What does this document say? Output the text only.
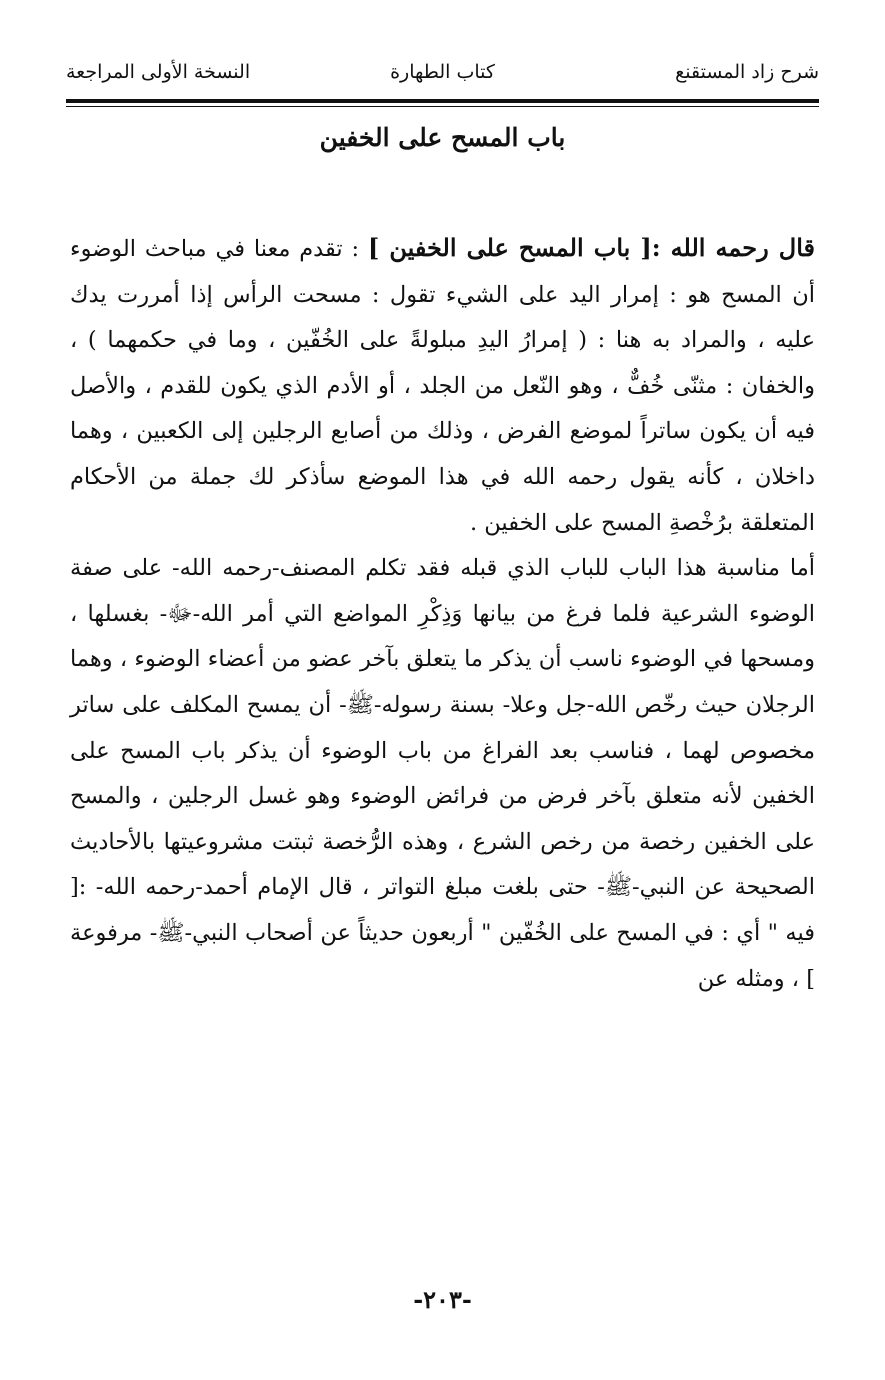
شرح زاد المستقنع
كتاب الطهارة
النسخة الأولى المراجعة
باب المسح على الخفين

قال رحمه الله :[ باب المسح على الخفين ] : تقدم معنا في مباحث الوضوء أن المسح هو : إمرار اليد على الشيء تقول : مسحت الرأس إذا أمررت يدك عليه ، والمراد به هنا : ( إمرارُ اليدِ مبلولةً على الخُفّين ، وما في حكمهما ) ، والخفان : مثنّى خُفٌّ ، وهو النّعل من الجلد ، أو الأدم الذي يكون للقدم ، والأصل فيه أن يكون ساتراً لموضع الفرض ، وذلك من أصابع الرجلين إلى الكعبين ، وهما داخلان ، كأنه يقول رحمه الله في هذا الموضع سأذكر لك جملة من الأحكام المتعلقة برُخْصةِ المسح على الخفين .

أما مناسبة هذا الباب للباب الذي قبله فقد تكلم المصنف-رحمه الله- على صفة الوضوء الشرعية فلما فرغ من بيانها وَذِكْرِ المواضع التي أمر الله-ﷻ- بغسلها ، ومسحها في الوضوء ناسب أن يذكر ما يتعلق بآخر عضو من أعضاء الوضوء ، وهما الرجلان حيث رخّص الله-جل وعلا- بسنة رسوله-ﷺ- أن يمسح المكلف على ساتر مخصوص لهما ، فناسب بعد الفراغ من باب الوضوء أن يذكر باب المسح على الخفين لأنه متعلق بآخر فرض من فرائض الوضوء وهو غسل الرجلين ، والمسح على الخفين رخصة من رخص الشرع ، وهذه الرُّخصة ثبتت مشروعيتها بالأحاديث الصحيحة عن النبي-ﷺ- حتى بلغت مبلغ التواتر ، قال الإمام أحمد-رحمه الله- :[ فيه " أي : في المسح على الخُفّين " أربعون حديثاً عن أصحاب النبي-ﷺ- مرفوعة ] ، ومثله عن

-٢٠٣-
